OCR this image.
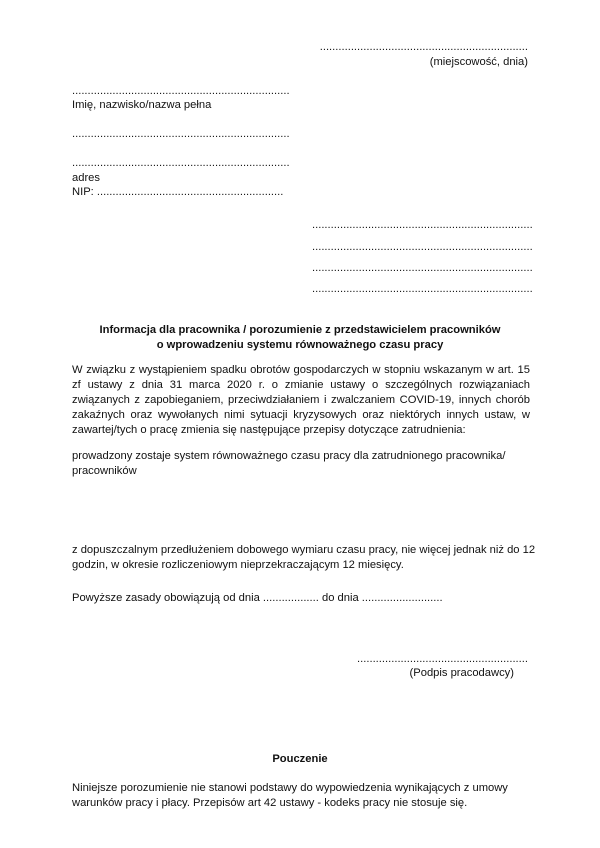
...................................................................
(miejscowość, dnia)
......................................................................
Imię, nazwisko/nazwa pełna
......................................................................
......................................................................
adres
NIP: ............................................................
.......................................................................
.......................................................................
.......................................................................
.......................................................................
Informacja dla pracownika / porozumienie z przedstawicielem pracowników
o wprowadzeniu systemu równoważnego czasu pracy
W związku z wystąpieniem spadku obrotów gospodarczych w stopniu wskazanym w art. 15 zf ustawy z dnia 31 marca 2020 r. o zmianie ustawy o szczególnych rozwiązaniach związanych z zapobieganiem, przeciwdziałaniem i zwalczaniem COVID-19, innych chorób zakaźnych oraz wywołanych nimi sytuacji kryzysowych oraz niektórych innych ustaw, w zawartej/tych o pracę zmienia się następujące przepisy dotyczące zatrudnienia:
prowadzony zostaje system równoważnego czasu pracy dla zatrudnionego pracownika/
pracowników
z dopuszczalnym przedłużeniem dobowego wymiaru czasu pracy, nie więcej jednak niż do 12
godzin, w okresie rozliczeniowym nieprzekraczającym 12 miesięcy.
Powyższe zasady obowiązują od dnia .................. do dnia ..........................
.......................................................
(Podpis pracodawcy)
Pouczenie
Niniejsze porozumienie nie stanowi podstawy do wypowiedzenia wynikających z umowy
warunków pracy i płacy. Przepisów art 42 ustawy - kodeks pracy nie stosuje się.
